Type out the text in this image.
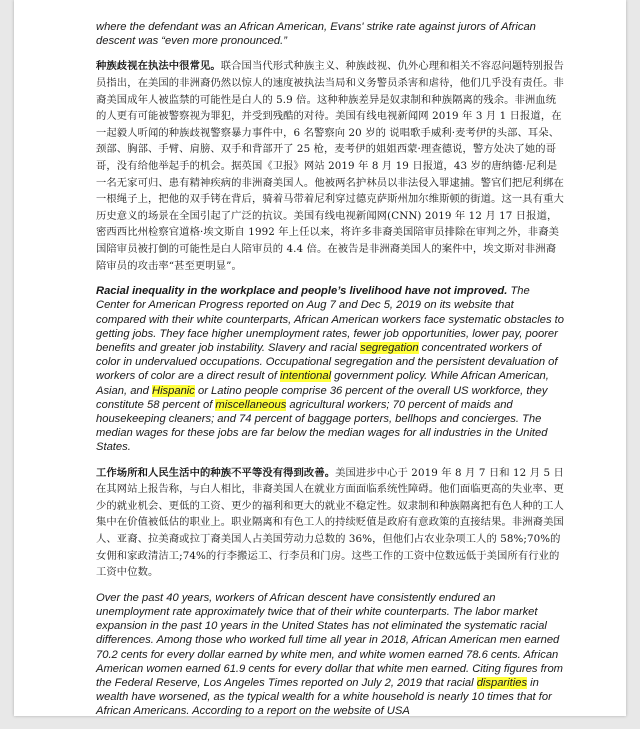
where the defendant was an African American, Evans' strike rate against jurors of African descent was “even more pronounced.”

种族歧视在执法中很常见。联合国当代形式种族主义、种族歧视、仇外心理和相关不容忍问题特别报告员指出，在美国的非洲裔仍然以惊人的速度被执法当局和义务警员杀害和虐待，他们几乎没有责任。非裔美国成年人被监禁的可能性是白人的 5.9 倍。这种种族差异是奴隶制和种族隔离的残余。非洲血统的人更有可能被警察视为罪犯，并受到残酷的对待。美国有线电视新闻网 2019 年 3 月 1 日报道，在一起毅人听闻的种族歧视警察暴力事件中，6 名警察向 20 岁的 说唱歌手威利·麦考伊的头部、耳朵、颈部、胸部、手臂、肩膀、双手和背部开了 25 枪，麦考伊的姐姐西蒙·理查德说，警方处决了她的哥哥，没有给他举起手的机会。据英国《卫报》网站 2019 年 8 月 19 日报道，43 岁的唐纳德·尼利是一名无家可归、患有精神疾病的非洲裔美国人。他被两名护林员以非法侵入罪逮捕。警官们把尼利绑在一根绳子上，把他的双手铐在背后，骑着马带着尼利穿过德克萨斯州加尔维斯顿的街道。这一具有重大历史意义的场景在全国引起了广泛的抗议。美国有线电视新闻网(CNN) 2019 年 12 月 17 日报道，密西西比州检察官道格·埃文斯自 1992 年上任以来，将许多非裔美国陪审员排除在审判之外，非裔美国陪审员被打倒的可能性是白人陪审员的 4.4 倍。在被告是非洲裔美国人的案件中，埃文斯对非洲裔陪审员的攻击率“甚至更明显”。

Racial inequality in the workplace and people’s livelihood have not improved. The Center for American Progress reported on Aug 7 and Dec 5, 2019 on its website that compared with their white counterparts, African American workers face systematic obstacles to getting jobs. They face higher unemployment rates, fewer job opportunities, lower pay, poorer benefits and greater job instability. Slavery and racial segregation concentrated workers of color in undervalued occupations. Occupational segregation and the persistent devaluation of workers of color are a direct result of intentional government policy. While African American, Asian, and Hispanic or Latino people comprise 36 percent of the overall US workforce, they constitute 58 percent of miscellaneous agricultural workers; 70 percent of maids and housekeeping cleaners; and 74 percent of baggage porters, bellhops and concierges. The median wages for these jobs are far below the median wages for all industries in the United States.

工作场所和人民生活中的种族不平等没有得到改善。美国进步中心于 2019 年 8 月 7 日和 12 月 5 日在其网站上报告称，与白人相比，非裔美国人在就业方面面临系统性障碍。他们面临更高的失业率、更少的就业机会、更低的工资、更少的福利和更大的就业不稳定性。奴隶制和种族隔离把有色人种的工人集中在价值被低估的职业上。职业隔离和有色工人的持续贬值是政府有意政策的直接结果。非洲裔美国人、亚裔、拉美裔或拉丁裔美国人占美国劳动力总数的 36%，但他们占农业杂项工人的 58%;70%的女佣和家政清洁工;74%的行李搬运工、行李员和门房。这些工作的工资中位数远低于美国所有行业的工资中位数。

Over the past 40 years, workers of African descent have consistently endured an unemployment rate approximately twice that of their white counterparts. The labor market expansion in the past 10 years in the United States has not eliminated the systematic racial differences. Among those who worked full time all year in 2018, African American men earned 70.2 cents for every dollar earned by white men, and white women earned 78.6 cents. African American women earned 61.9 cents for every dollar that white men earned. Citing figures from the Federal Reserve, Los Angeles Times reported on July 2, 2019 that racial disparities in wealth have worsened, as the typical wealth for a white household is nearly 10 times that for African Americans. According to a report on the website of USA
